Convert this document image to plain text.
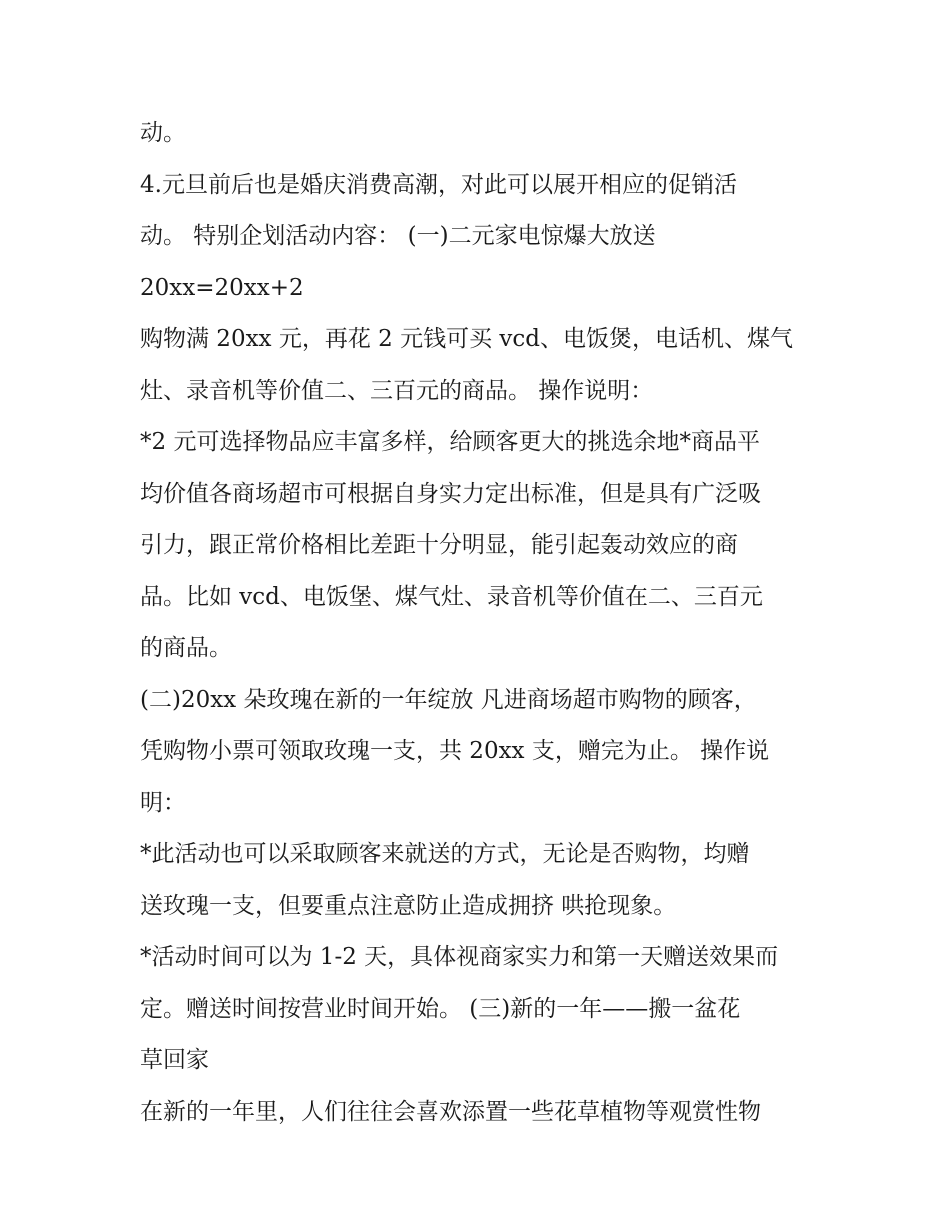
动。
4.元旦前后也是婚庆消费高潮，对此可以展开相应的促销活
动。 特别企划活动内容： (一)二元家电惊爆大放送
20xx=20xx+2
购物满 20xx 元，再花 2 元钱可买 vcd、电饭煲，电话机、煤气
灶、录音机等价值二、三百元的商品。 操作说明：
*2 元可选择物品应丰富多样，给顾客更大的挑选余地*商品平
均价值各商场超市可根据自身实力定出标准，但是具有广泛吸
引力，跟正常价格相比差距十分明显，能引起轰动效应的商
品。比如 vcd、电饭堡、煤气灶、录音机等价值在二、三百元
的商品。
(二)20xx 朵玫瑰在新的一年绽放 凡进商场超市购物的顾客，
凭购物小票可领取玫瑰一支，共 20xx 支，赠完为止。 操作说
明：
*此活动也可以采取顾客来就送的方式，无论是否购物，均赠
送玫瑰一支，但要重点注意防止造成拥挤 哄抢现象。
*活动时间可以为 1-2 天，具体视商家实力和第一天赠送效果而
定。赠送时间按营业时间开始。 (三)新的一年——搬一盆花
草回家
在新的一年里，人们往往会喜欢添置一些花草植物等观赏性物
